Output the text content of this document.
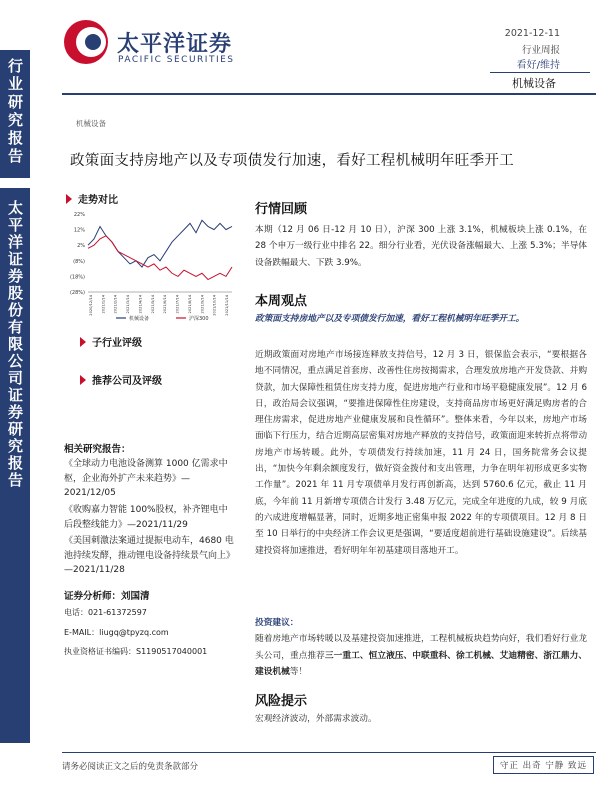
行业研究报告
太平洋证券股份有限公司证券研究报告
太平洋证券
PACIFIC SECURITIES
2021-12-11
行业周报
看好/维持
机械设备
机械设备
政策面支持房地产以及专项债发行加速，看好工程机械明年旺季开工
走势对比
22%
12%
2%
(8%)
(18%)
(28%)
2020/12/14 2021/1/14 2021/2/14 2021/3/14 2021/4/14 2021/5/14 2021/6/14 2021/7/14 2021/8/14 2021/9/14 2021/10/14 2021/11/14
机械设备	沪深300
子行业评级
推荐公司及评级
相关研究报告：
《全球动力电池设备测算 1000 亿需求中枢，企业海外扩产未来趋势》—2021/12/05
《收购嘉力智能 100%股权，补齐锂电中后段整线能力》—2021/11/29
《美国刺激法案通过提振电动车，4680 电池持续发酵，推动锂电设备持续景气向上》—2021/11/28
证券分析师：刘国清
电话：021-61372597
E-MAIL：liugq@tpyzq.com
执业资格证书编码：S1190517040001
行情回顾
本期（12 月 06 日-12 月 10 日），沪深 300 上涨 3.1%，机械板块上涨 0.1%，在 28 个申万一级行业中排名 22。细分行业看，光伏设备涨幅最大、上涨 5.3%；半导体设备跌幅最大、下跌 3.9%。
本周观点
政策面支持房地产以及专项债发行加速，看好工程机械明年旺季开工。
近期政策面对房地产市场接连释放支持信号，12 月 3 日，银保监会表示，“要根据各地不同情况，重点满足首套房、改善性住房按揭需求，合理发放房地产开发贷款、并购贷款，加大保障性租赁住房支持力度，促进房地产行业和市场平稳健康发展”。12 月 6 日，政治局会议强调，“要推进保障性住房建设，支持商品房市场更好满足购房者的合理住房需求，促进房地产业健康发展和良性循环”。整体来看，今年以来，房地产市场面临下行压力，结合近期高层密集对房地产释放的支持信号，政策面迎来转折点将带动房地产市场转暖。此外，专项债发行持续加速，11 月 24 日，国务院常务会议提出，“加快今年剩余额度发行，做好资金拨付和支出管理，力争在明年初形成更多实物工作量”。2021 年 11 月专项债单月发行再创新高，达到 5760.6 亿元，截止 11 月底，今年前 11 月新增专项债合计发行 3.48 万亿元，完成全年进度的九成，较 9 月底的六成进度增幅显著，同时，近期多地正密集申报 2022 年的专项债项目。12 月 8 日至 10 日举行的中央经济工作会议更是强调，“要适度超前进行基础设施建设”。后续基建投资将加速推进，看好明年年初基建项目落地开工。
投资建议：
随着房地产市场转暖以及基建投资加速推进，工程机械板块趋势向好，我们看好行业龙头公司，重点推荐三一重工、恒立液压、中联重科、徐工机械、艾迪精密、浙江鼎力、建设机械等！
风险提示
宏观经济波动，外部需求波动。
请务必阅读正文之后的免责条款部分	守正 出奇 宁静 致远
